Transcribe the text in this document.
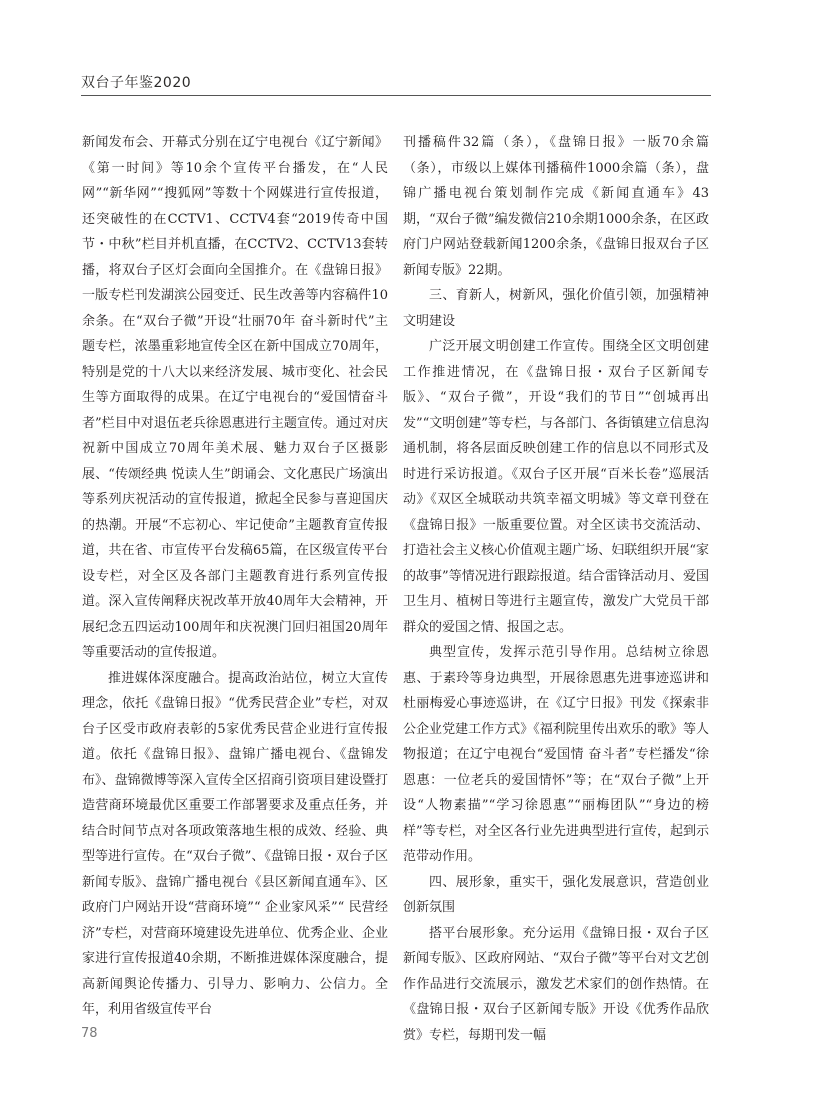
双台子年鉴2020

新闻发布会、开幕式分别在辽宁电视台《辽宁新闻》《第一时间》等10余个宣传平台播发，在“人民网”“新华网”“搜狐网”等数十个网媒进行宣传报道，还突破性的在CCTV1、CCTV4套“2019传奇中国节・中秋”栏目并机直播，在CCTV2、CCTV13套转播，将双台子区灯会面向全国推介。在《盘锦日报》一版专栏刊发湖滨公园变迁、民生改善等内容稿件10余条。在“双台子微”开设“壮丽70年 奋斗新时代”主题专栏，浓墨重彩地宣传全区在新中国成立70周年，特别是党的十八大以来经济发展、城市变化、社会民生等方面取得的成果。在辽宁电视台的“爱国情奋斗者”栏目中对退伍老兵徐恩惠进行主题宣传。通过对庆祝新中国成立70周年美术展、魅力双台子区摄影展、“传颂经典 悦读人生”朗诵会、文化惠民广场演出等系列庆祝活动的宣传报道，掀起全民参与喜迎国庆的热潮。开展“不忘初心、牢记使命”主题教育宣传报道，共在省、市宣传平台发稿65篇，在区级宣传平台设专栏，对全区及各部门主题教育进行系列宣传报道。深入宣传阐释庆祝改革开放40周年大会精神，开展纪念五四运动100周年和庆祝澳门回归祖国20周年等重要活动的宣传报道。

推进媒体深度融合。提高政治站位，树立大宣传理念，依托《盘锦日报》“优秀民营企业”专栏，对双台子区受市政府表彰的5家优秀民营企业进行宣传报道。依托《盘锦日报》、盘锦广播电视台、《盘锦发布》、盘锦微博等深入宣传全区招商引资项目建设暨打造营商环境最优区重要工作部署要求及重点任务，并结合时间节点对各项政策落地生根的成效、经验、典型等进行宣传。在“双台子微”、《盘锦日报・双台子区新闻专版》、盘锦广播电视台《县区新闻直通车》、区政府门户网站开设“营商环境”“ 企业家风采”“ 民营经济”专栏，对营商环境建设先进单位、优秀企业、企业家进行宣传报道40余期，不断推进媒体深度融合，提高新闻舆论传播力、引导力、影响力、公信力。全年，利用省级宣传平台

刊播稿件32篇（条），《盘锦日报》一版70余篇（条），市级以上媒体刊播稿件1000余篇（条），盘锦广播电视台策划制作完成《新闻直通车》43期，“双台子微”编发微信210余期1000余条，在区政府门户网站登载新闻1200余条，《盘锦日报双台子区新闻专版》22期。

三、育新人，树新风，强化价值引领，加强精神文明建设

广泛开展文明创建工作宣传。围绕全区文明创建工作推进情况，在《盘锦日报・双台子区新闻专版》、“双台子微”，开设“我们的节日”“创城再出发”“文明创建”等专栏，与各部门、各街镇建立信息沟通机制，将各层面反映创建工作的信息以不同形式及时进行采访报道。《双台子区开展“百米长卷”巡展活动》《双区全城联动共筑幸福文明城》等文章刊登在《盘锦日报》一版重要位置。对全区读书交流活动、打造社会主义核心价值观主题广场、妇联组织开展“家的故事”等情况进行跟踪报道。结合雷锋活动月、爱国卫生月、植树日等进行主题宣传，激发广大党员干部群众的爱国之情、报国之志。

典型宣传，发挥示范引导作用。总结树立徐恩惠、于素玲等身边典型，开展徐恩惠先进事迹巡讲和杜丽梅爱心事迹巡讲，在《辽宁日报》刊发《探索非公企业党建工作方式》《福利院里传出欢乐的歌》等人物报道；在辽宁电视台“爱国情 奋斗者”专栏播发“徐恩惠：一位老兵的爱国情怀”等；在“双台子微”上开设“人物素描”“学习徐恩惠”“丽梅团队”“身边的榜样”等专栏，对全区各行业先进典型进行宣传，起到示范带动作用。

四、展形象，重实干，强化发展意识，营造创业创新氛围

搭平台展形象。充分运用《盘锦日报・双台子区新闻专版》、区政府网站、“双台子微”等平台对文艺创作作品进行交流展示，激发艺术家们的创作热情。在《盘锦日报・双台子区新闻专版》开设《优秀作品欣赏》专栏，每期刊发一幅

78
